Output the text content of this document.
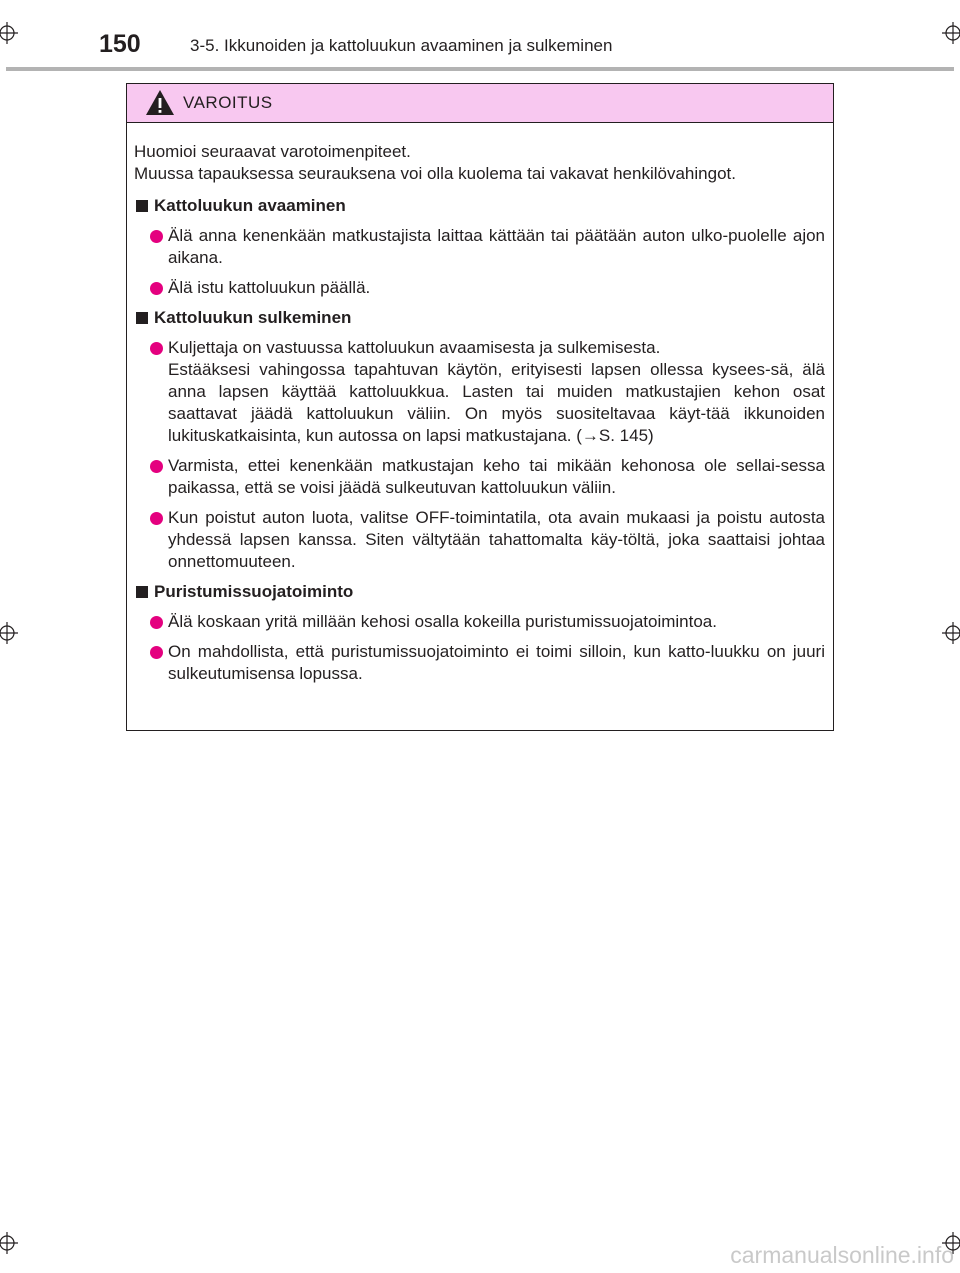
150	3-5. Ikkunoiden ja kattoluukun avaaminen ja sulkeminen
VAROITUS
Huomioi seuraavat varotoimenpiteet.
Muussa tapauksessa seurauksena voi olla kuolema tai vakavat henkilövahingot.
Kattoluukun avaaminen
Älä anna kenenkään matkustajista laittaa kättään tai päätään auton ulko-puolelle ajon aikana.
Älä istu kattoluukun päällä.
Kattoluukun sulkeminen
Kuljettaja on vastuussa kattoluukun avaamisesta ja sulkemisesta.
Estääksesi vahingossa tapahtuvan käytön, erityisesti lapsen ollessa kysees-sä, älä anna lapsen käyttää kattoluukkua. Lasten tai muiden matkustajien kehon osat saattavat jäädä kattoluukun väliin. On myös suositeltavaa käyt-tää ikkunoiden lukituskatkaisinta, kun autossa on lapsi matkustajana. (→S. 145)
Varmista, ettei kenenkään matkustajan keho tai mikään kehonosa ole sellai-sessa paikassa, että se voisi jäädä sulkeutuvan kattoluukun väliin.
Kun poistut auton luota, valitse OFF-toimintatila, ota avain mukaasi ja poistu autosta yhdessä lapsen kanssa. Siten vältytään tahattomalta käy-töltä, joka saattaisi johtaa onnettomuuteen.
Puristumissuojatoiminto
Älä koskaan yritä millään kehosi osalla kokeilla puristumissuojatoimintoa.
On mahdollista, että puristumissuojatoiminto ei toimi silloin, kun katto-luukku on juuri sulkeutumisensa lopussa.
carmanualsonline.info
